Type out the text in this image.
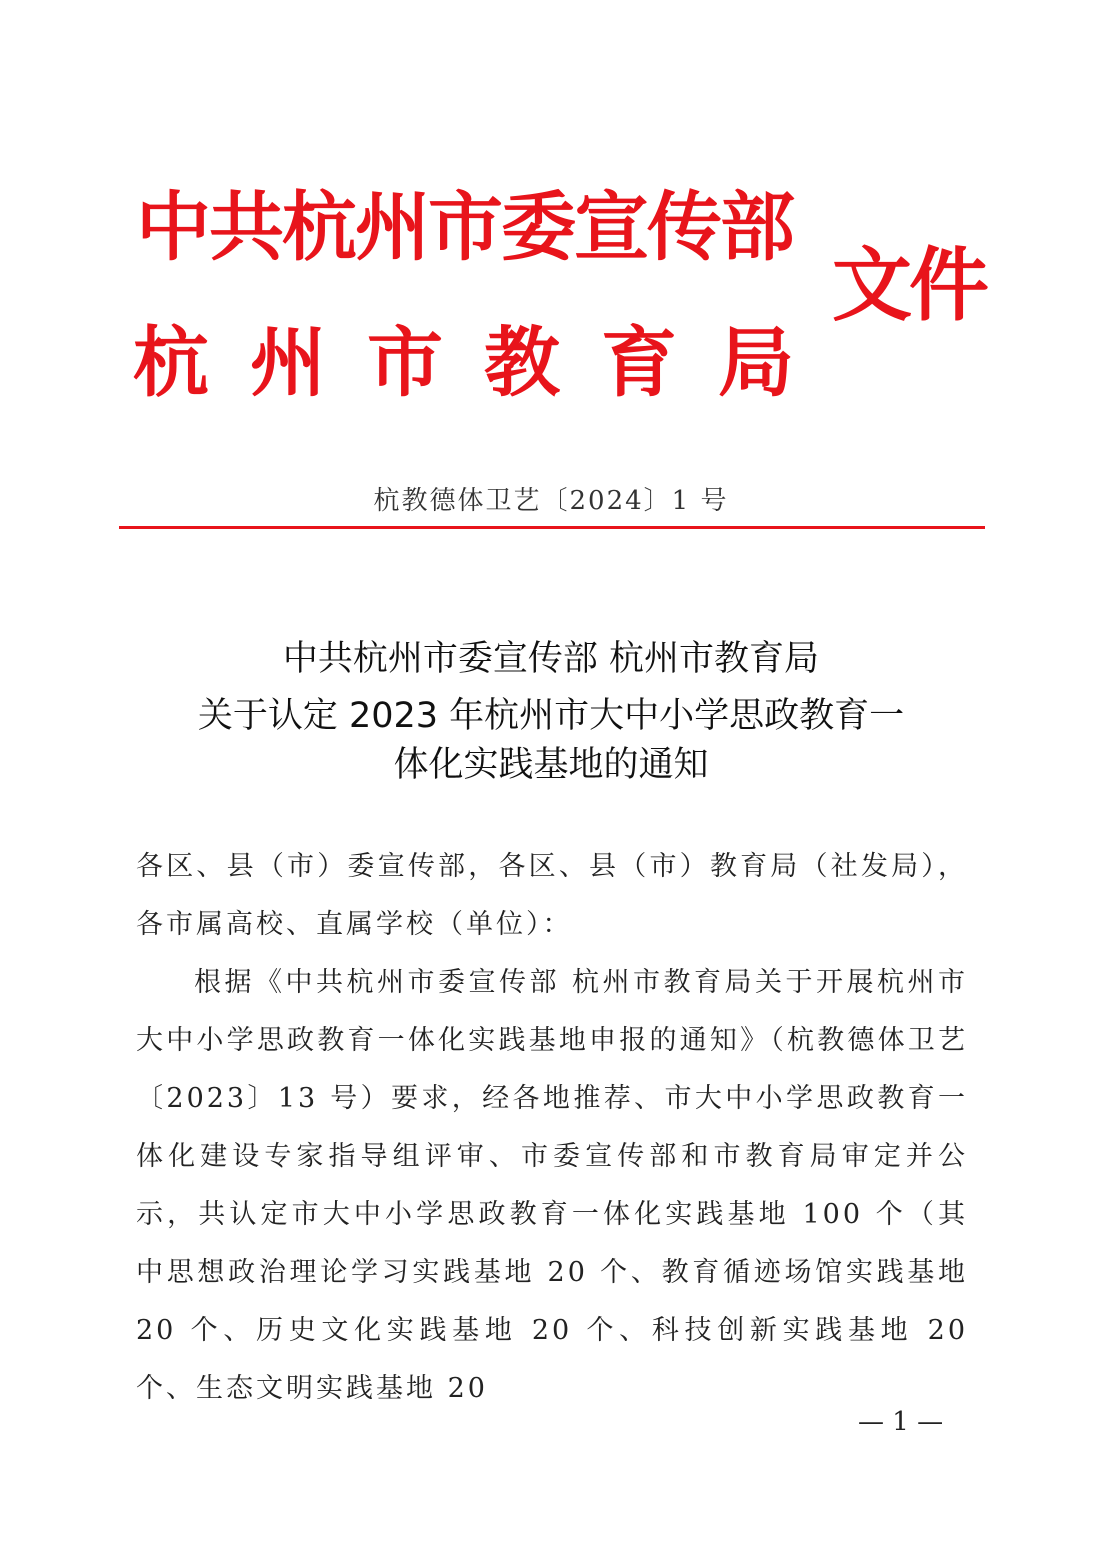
中共杭州市委宣传部
杭州市教育局
文件
杭教德体卫艺〔2024〕1 号
中共杭州市委宣传部 杭州市教育局
关于认定 2023 年杭州市大中小学思政教育一
体化实践基地的通知
各区、县（市）委宣传部，各区、县（市）教育局（社发局），各市属高校、直属学校（单位）：
根据《中共杭州市委宣传部 杭州市教育局关于开展杭州市大中小学思政教育一体化实践基地申报的通知》（杭教德体卫艺〔2023〕13 号）要求，经各地推荐、市大中小学思政教育一体化建设专家指导组评审、市委宣传部和市教育局审定并公示，共认定市大中小学思政教育一体化实践基地 100 个（其中思想政治理论学习实践基地 20 个、教育循迹场馆实践基地 20 个、历史文化实践基地 20 个、科技创新实践基地 20 个、生态文明实践基地 20
— 1 —
